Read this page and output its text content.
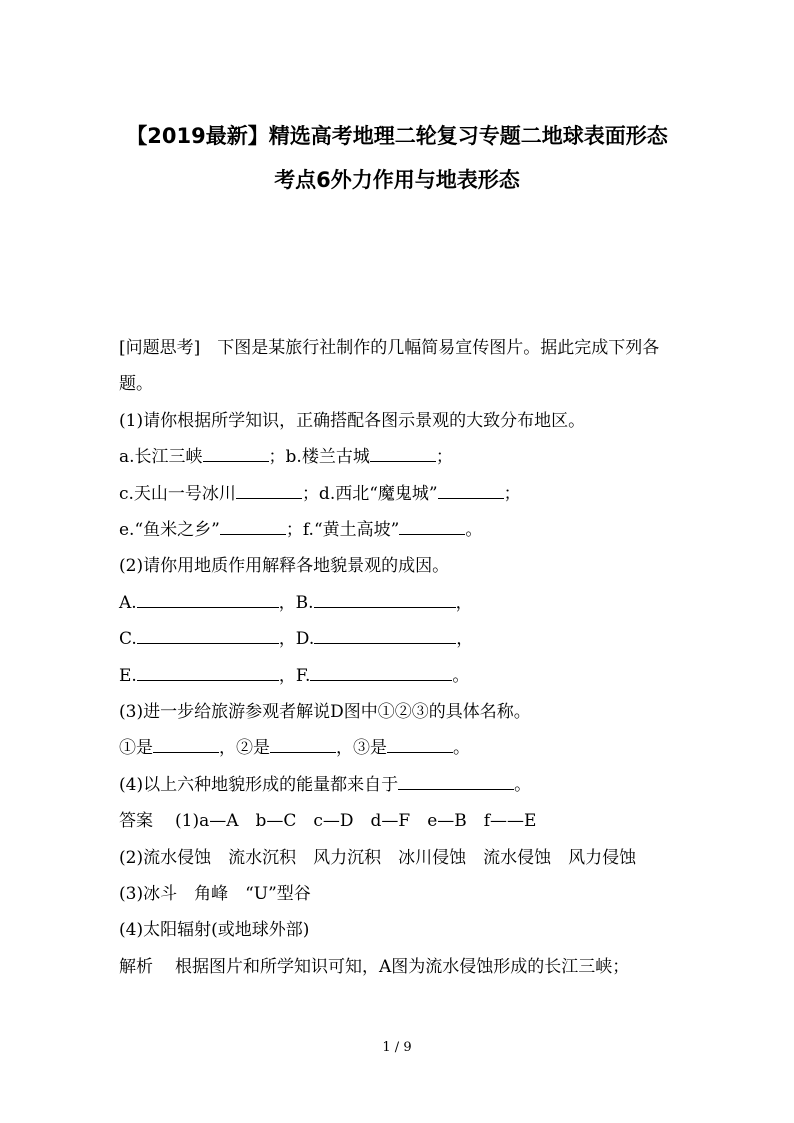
【2019最新】精选高考地理二轮复习专题二地球表面形态
考点6外力作用与地表形态
[问题思考]　下图是某旅行社制作的几幅简易宣传图片。据此完成下列各题。
(1)请你根据所学知识，正确搭配各图示景观的大致分布地区。
a.长江三峡	；b.楼兰古城	；
c.天山一号冰川	；d.西北“魔鬼城”	；
e.“鱼米之乡”	；f.“黄土高坡”	。
(2)请你用地质作用解释各地貌景观的成因。
A.	，B.	，
C.	，D.	，
E.	，F.	。
(3)进一步给旅游参观者解说D图中①②③的具体名称。
①是	，②是	，③是	。
(4)以上六种地貌形成的能量都来自于	。
答案 (1)a—A　b—C　c—D　d—F　e—B　f——E
(2)流水侵蚀　流水沉积　风力沉积　冰川侵蚀　流水侵蚀　风力侵蚀
(3)冰斗　角峰　“U”型谷
(4)太阳辐射(或地球外部)
解析 根据图片和所学知识可知，A图为流水侵蚀形成的长江三峡；
1 / 9
